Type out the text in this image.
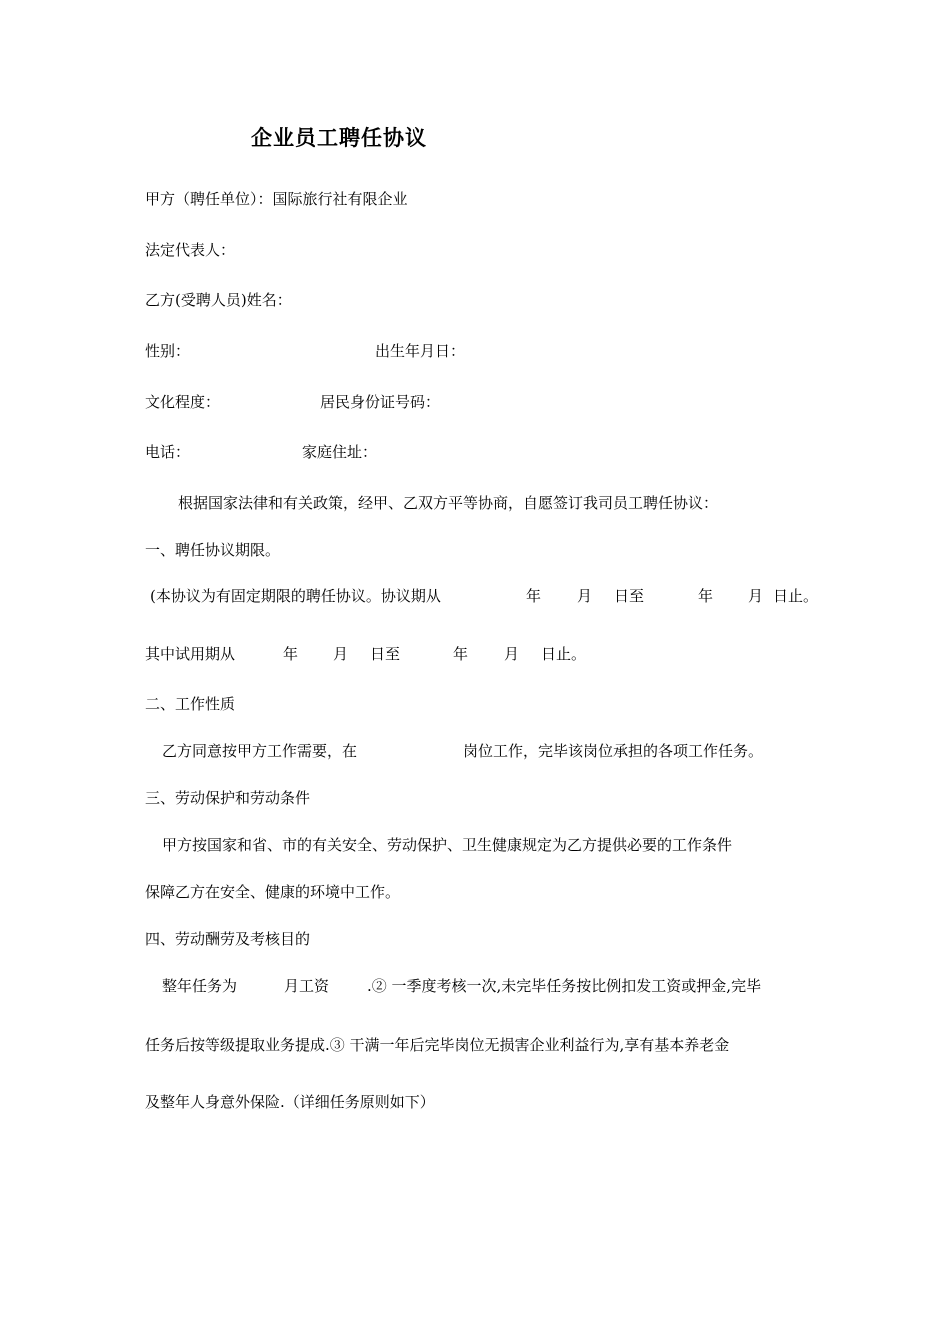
企业员工聘任协议
甲方（聘任单位）：国际旅行社有限企业
法定代表人：
乙方(受聘人员)姓名：
性别：	出生年月日：
文化程度：	居民身份证号码：
电话：	家庭住址：
根据国家法律和有关政策，经甲、乙双方平等协商，自愿签订我司员工聘任协议：
一、聘任协议期限。
(本协议为有固定期限的聘任协议。协议期从	年 月 日至	年 月 日止。
其中试用期从	年 月 日至	年 月 日止。
二、工作性质
乙方同意按甲方工作需要，在	岗位工作，完毕该岗位承担的各项工作任务。
三、劳动保护和劳动条件
甲方按国家和省、市的有关安全、劳动保护、卫生健康规定为乙方提供必要的工作条件
保障乙方在安全、健康的环境中工作。
四、劳动酬劳及考核目的
整年任务为	月工资	.② 一季度考核一次,未完毕任务按比例扣发工资或押金,完毕
任务后按等级提取业务提成.③ 干满一年后完毕岗位无损害企业利益行为,享有基本养老金
及整年人身意外保险.（详细任务原则如下）
